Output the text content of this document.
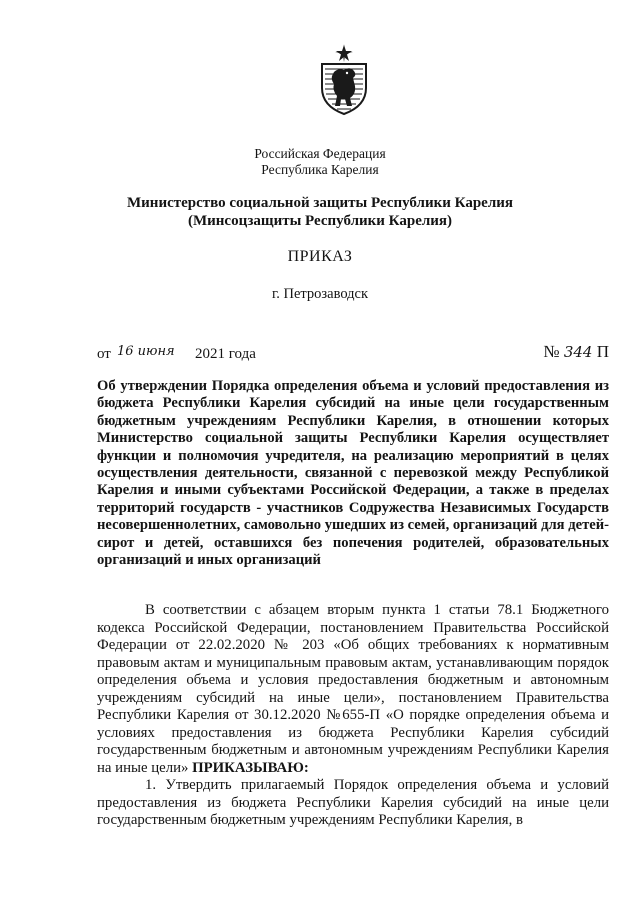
Российская Федерация
Республика Карелия
Министерство социальной защиты Республики Карелия
(Минсоцзащиты Республики Карелия)
ПРИКАЗ
г. Петрозаводск
от 16 июня 2021 года	№ 344 П
Об утверждении Порядка определения объема и условий предоставления из бюджета Республики Карелия субсидий на иные цели государственным бюджетным учреждениям Республики Карелия, в отношении которых Министерство социальной защиты Республики Карелия осуществляет функции и полномочия учредителя, на реализацию мероприятий в целях осуществления деятельности, связанной с перевозкой между Республикой Карелия и иными субъектами Российской Федерации, а также в пределах территорий государств - участников Содружества Независимых Государств несовершеннолетних, самовольно ушедших из семей, организаций для детей-сирот и детей, оставшихся без попечения родителей, образовательных организаций и иных организаций

В соответствии с абзацем вторым пункта 1 статьи 78.1 Бюджетного кодекса Российской Федерации, постановлением Правительства Российской Федерации от 22.02.2020 № 203 «Об общих требованиях к нормативным правовым актам и муниципальным правовым актам, устанавливающим порядок определения объема и условия предоставления бюджетным и автономным учреждениям субсидий на иные цели», постановлением Правительства Республики Карелия от 30.12.2020 №655-П «О порядке определения объема и условиях предоставления из бюджета Республики Карелия субсидий государственным бюджетным и автономным учреждениям Республики Карелия на иные цели» ПРИКАЗЫВАЮ:

1. Утвердить прилагаемый Порядок определения объема и условий предоставления из бюджета Республики Карелия субсидий на иные цели государственным бюджетным учреждениям Республики Карелия, в
